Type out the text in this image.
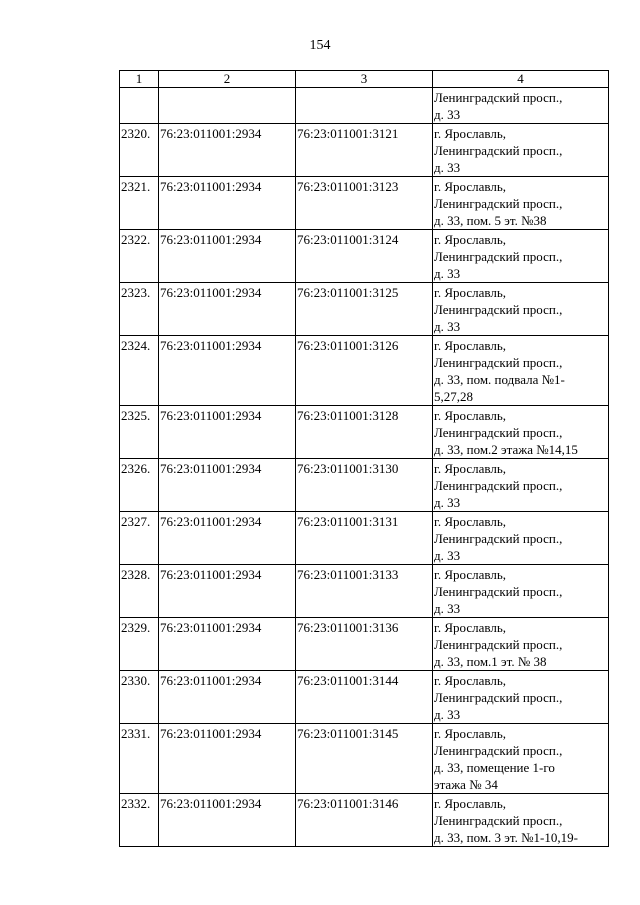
154
1	2	3	4

			Ленинградский просп.,
д. 33

2320.	76:23:011001:2934	76:23:011001:3121	г. Ярославль,
Ленинградский просп.,
д. 33

2321.	76:23:011001:2934	76:23:011001:3123	г. Ярославль,
Ленинградский просп.,
д. 33, пом. 5 эт. №38

2322.	76:23:011001:2934	76:23:011001:3124	г. Ярославль,
Ленинградский просп.,
д. 33

2323.	76:23:011001:2934	76:23:011001:3125	г. Ярославль,
Ленинградский просп.,
д. 33

2324.	76:23:011001:2934	76:23:011001:3126	г. Ярославль,
Ленинградский просп.,
д. 33, пом. подвала №1-
5,27,28

2325.	76:23:011001:2934	76:23:011001:3128	г. Ярославль,
Ленинградский просп.,
д. 33, пом.2 этажа №14,15

2326.	76:23:011001:2934	76:23:011001:3130	г. Ярославль,
Ленинградский просп.,
д. 33

2327.	76:23:011001:2934	76:23:011001:3131	г. Ярославль,
Ленинградский просп.,
д. 33

2328.	76:23:011001:2934	76:23:011001:3133	г. Ярославль,
Ленинградский просп.,
д. 33

2329.	76:23:011001:2934	76:23:011001:3136	г. Ярославль,
Ленинградский просп.,
д. 33, пом.1 эт. № 38

2330.	76:23:011001:2934	76:23:011001:3144	г. Ярославль,
Ленинградский просп.,
д. 33

2331.	76:23:011001:2934	76:23:011001:3145	г. Ярославль,
Ленинградский просп.,
д. 33, помещение 1-го
этажа № 34

2332.	76:23:011001:2934	76:23:011001:3146	г. Ярославль,
Ленинградский просп.,
д. 33, пом. 3 эт. №1-10,19-
